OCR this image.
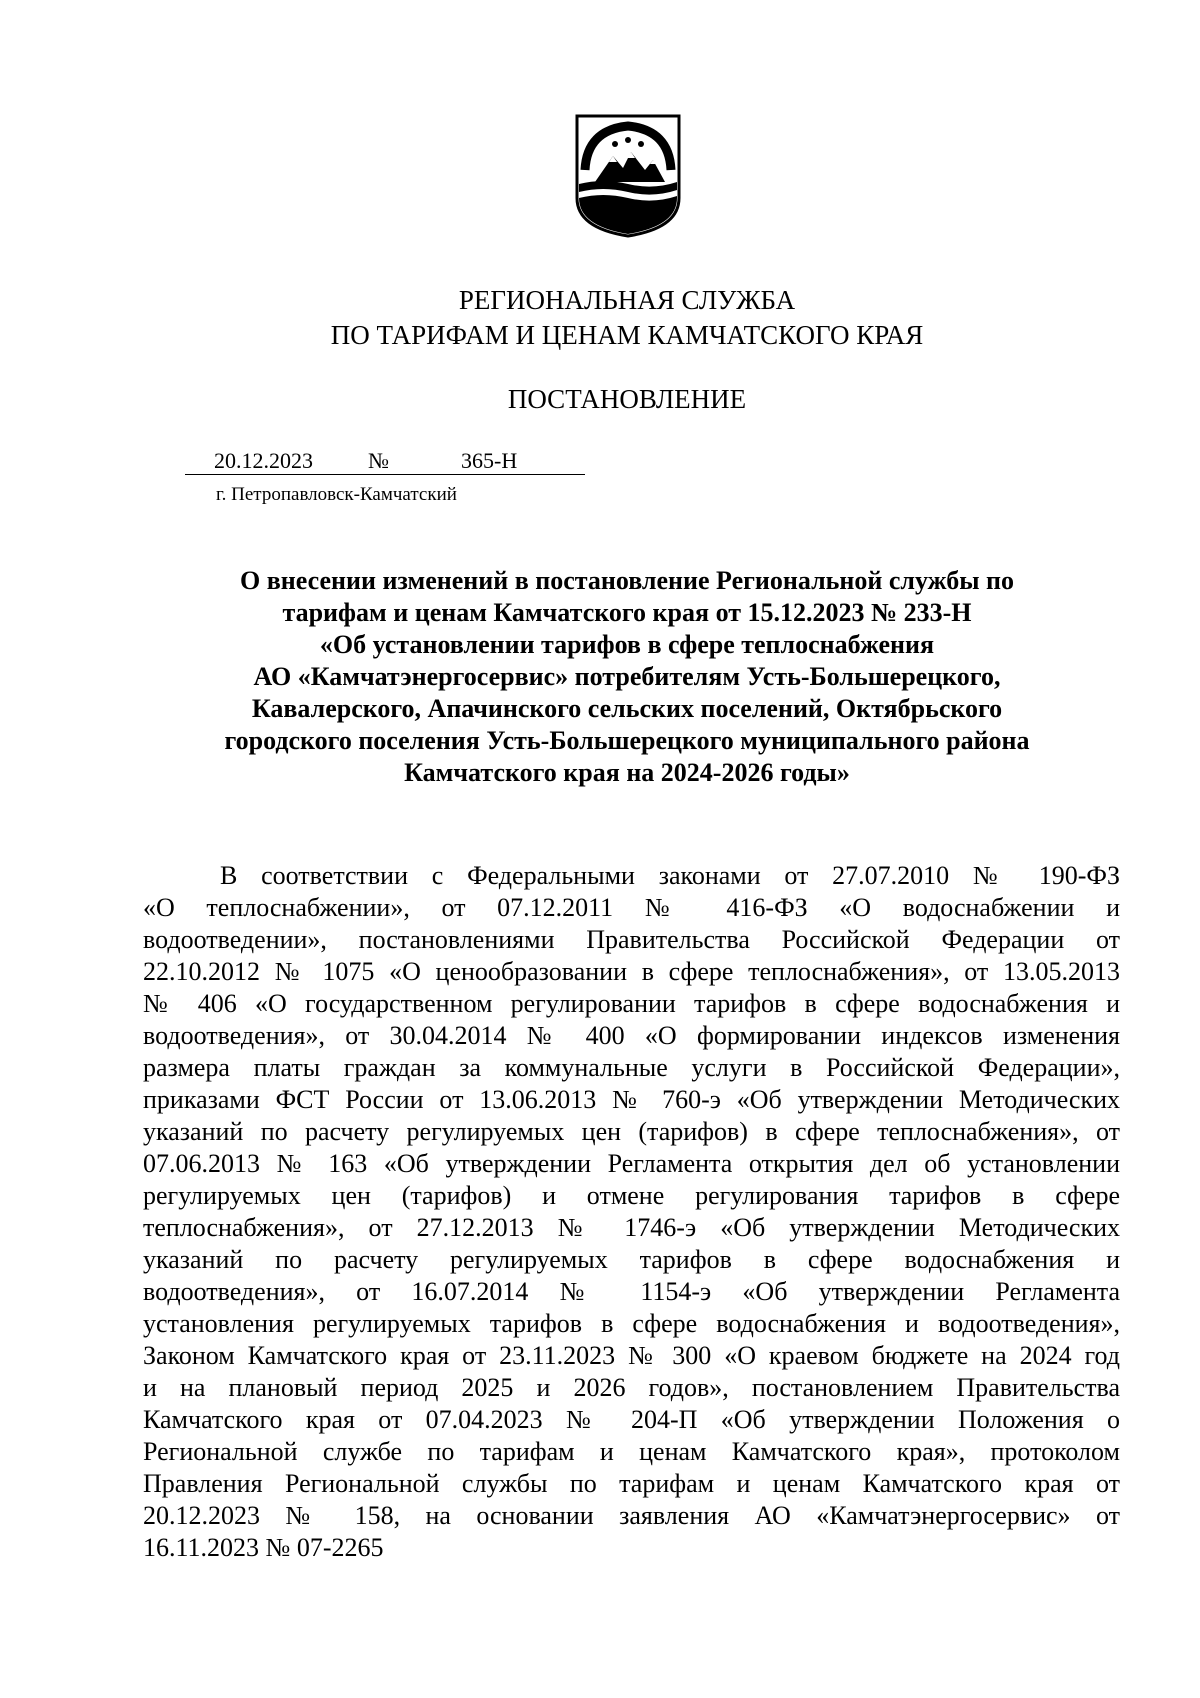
РЕГИОНАЛЬНАЯ СЛУЖБА
ПО ТАРИФАМ И ЦЕНАМ КАМЧАТСКОГО КРАЯ
ПОСТАНОВЛЕНИЕ
20.12.2023	№	365-Н
г. Петропавловск-Камчатский
О внесении изменений в постановление Региональной службы по
тарифам и ценам Камчатского края от 15.12.2023 № 233-Н
«Об установлении тарифов в сфере теплоснабжения
АО «Камчатэнергосервис» потребителям Усть-Большерецкого,
Кавалерского, Апачинского сельских поселений, Октябрьского
городского поселения Усть-Большерецкого муниципального района
Камчатского края на 2024-2026 годы»
В соответствии с Федеральными законами от 27.07.2010 № 190-ФЗ
«О теплоснабжении», от 07.12.2011 № 416-ФЗ «О водоснабжении и
водоотведении», постановлениями Правительства Российской Федерации от
22.10.2012 № 1075 «О ценообразовании в сфере теплоснабжения», от 13.05.2013
№ 406 «О государственном регулировании тарифов в сфере водоснабжения и
водоотведения», от 30.04.2014 № 400 «О формировании индексов изменения
размера платы граждан за коммунальные услуги в Российской Федерации»,
приказами ФСТ России от 13.06.2013 № 760-э «Об утверждении Методических
указаний по расчету регулируемых цен (тарифов) в сфере теплоснабжения», от
07.06.2013 № 163 «Об утверждении Регламента открытия дел об установлении
регулируемых цен (тарифов) и отмене регулирования тарифов в сфере
теплоснабжения», от 27.12.2013 № 1746-э «Об утверждении Методических
указаний по расчету регулируемых тарифов в сфере водоснабжения и
водоотведения», от 16.07.2014 № 1154-э «Об утверждении Регламента
установления регулируемых тарифов в сфере водоснабжения и водоотведения»,
Законом Камчатского края от 23.11.2023 № 300 «О краевом бюджете на 2024 год
и на плановый период 2025 и 2026 годов», постановлением Правительства
Камчатского края от 07.04.2023 № 204-П «Об утверждении Положения о
Региональной службе по тарифам и ценам Камчатского края», протоколом
Правления Региональной службы по тарифам и ценам Камчатского края от
20.12.2023 № 158, на основании заявления АО «Камчатэнергосервис» от
16.11.2023 № 07-2265
